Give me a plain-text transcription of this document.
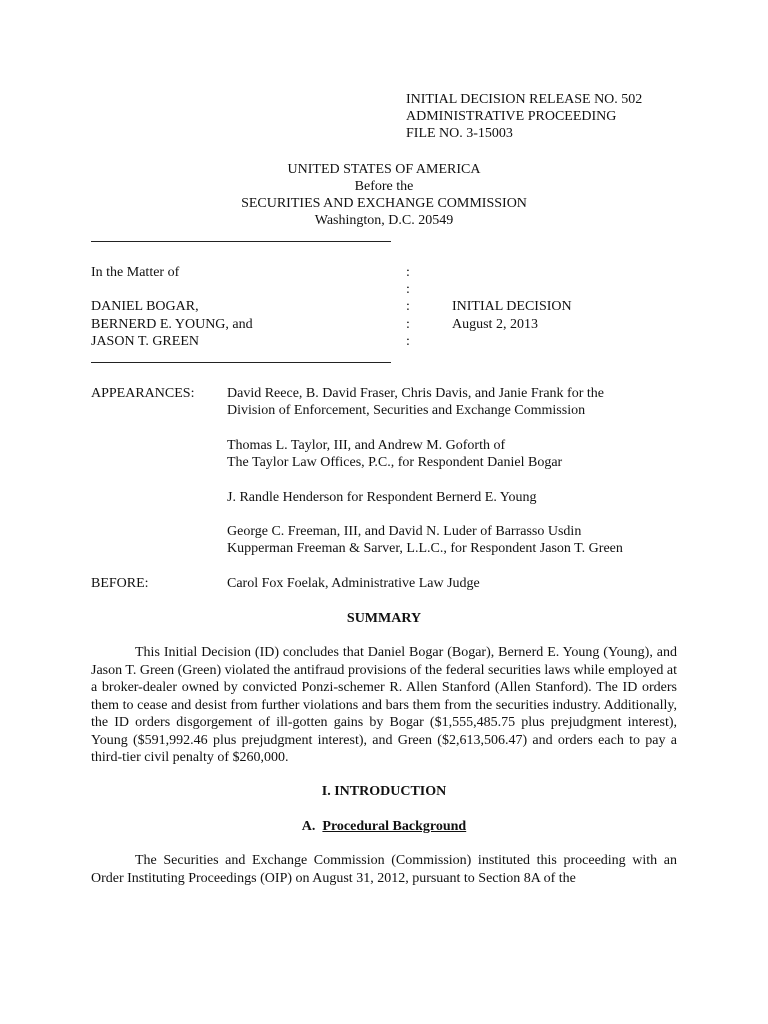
INITIAL DECISION RELEASE NO. 502
ADMINISTRATIVE PROCEEDING
FILE NO. 3-15003
UNITED STATES OF AMERICA
Before the
SECURITIES AND EXCHANGE COMMISSION
Washington, D.C. 20549
In the Matter of
DANIEL BOGAR,
BERNERD E. YOUNG, and
JASON T. GREEN
:
:
:
:
:
INITIAL DECISION
August 2, 2013
APPEARANCES: David Reece, B. David Fraser, Chris Davis, and Janie Frank for the
Division of Enforcement, Securities and Exchange Commission
Thomas L. Taylor, III, and Andrew M. Goforth of
The Taylor Law Offices, P.C., for Respondent Daniel Bogar
J. Randle Henderson for Respondent Bernerd E. Young
George C. Freeman, III, and David N. Luder of Barrasso Usdin
Kupperman Freeman & Sarver, L.L.C., for Respondent Jason T. Green
BEFORE:	Carol Fox Foelak, Administrative Law Judge
SUMMARY
This Initial Decision (ID) concludes that Daniel Bogar (Bogar), Bernerd E. Young (Young), and Jason T. Green (Green) violated the antifraud provisions of the federal securities laws while employed at a broker-dealer owned by convicted Ponzi-schemer R. Allen Stanford (Allen Stanford). The ID orders them to cease and desist from further violations and bars them from the securities industry. Additionally, the ID orders disgorgement of ill-gotten gains by Bogar ($1,555,485.75 plus prejudgment interest), Young ($591,992.46 plus prejudgment interest), and Green ($2,613,506.47) and orders each to pay a third-tier civil penalty of $260,000.
I. INTRODUCTION
A. Procedural Background
The Securities and Exchange Commission (Commission) instituted this proceeding with an Order Instituting Proceedings (OIP) on August 31, 2012, pursuant to Section 8A of the
